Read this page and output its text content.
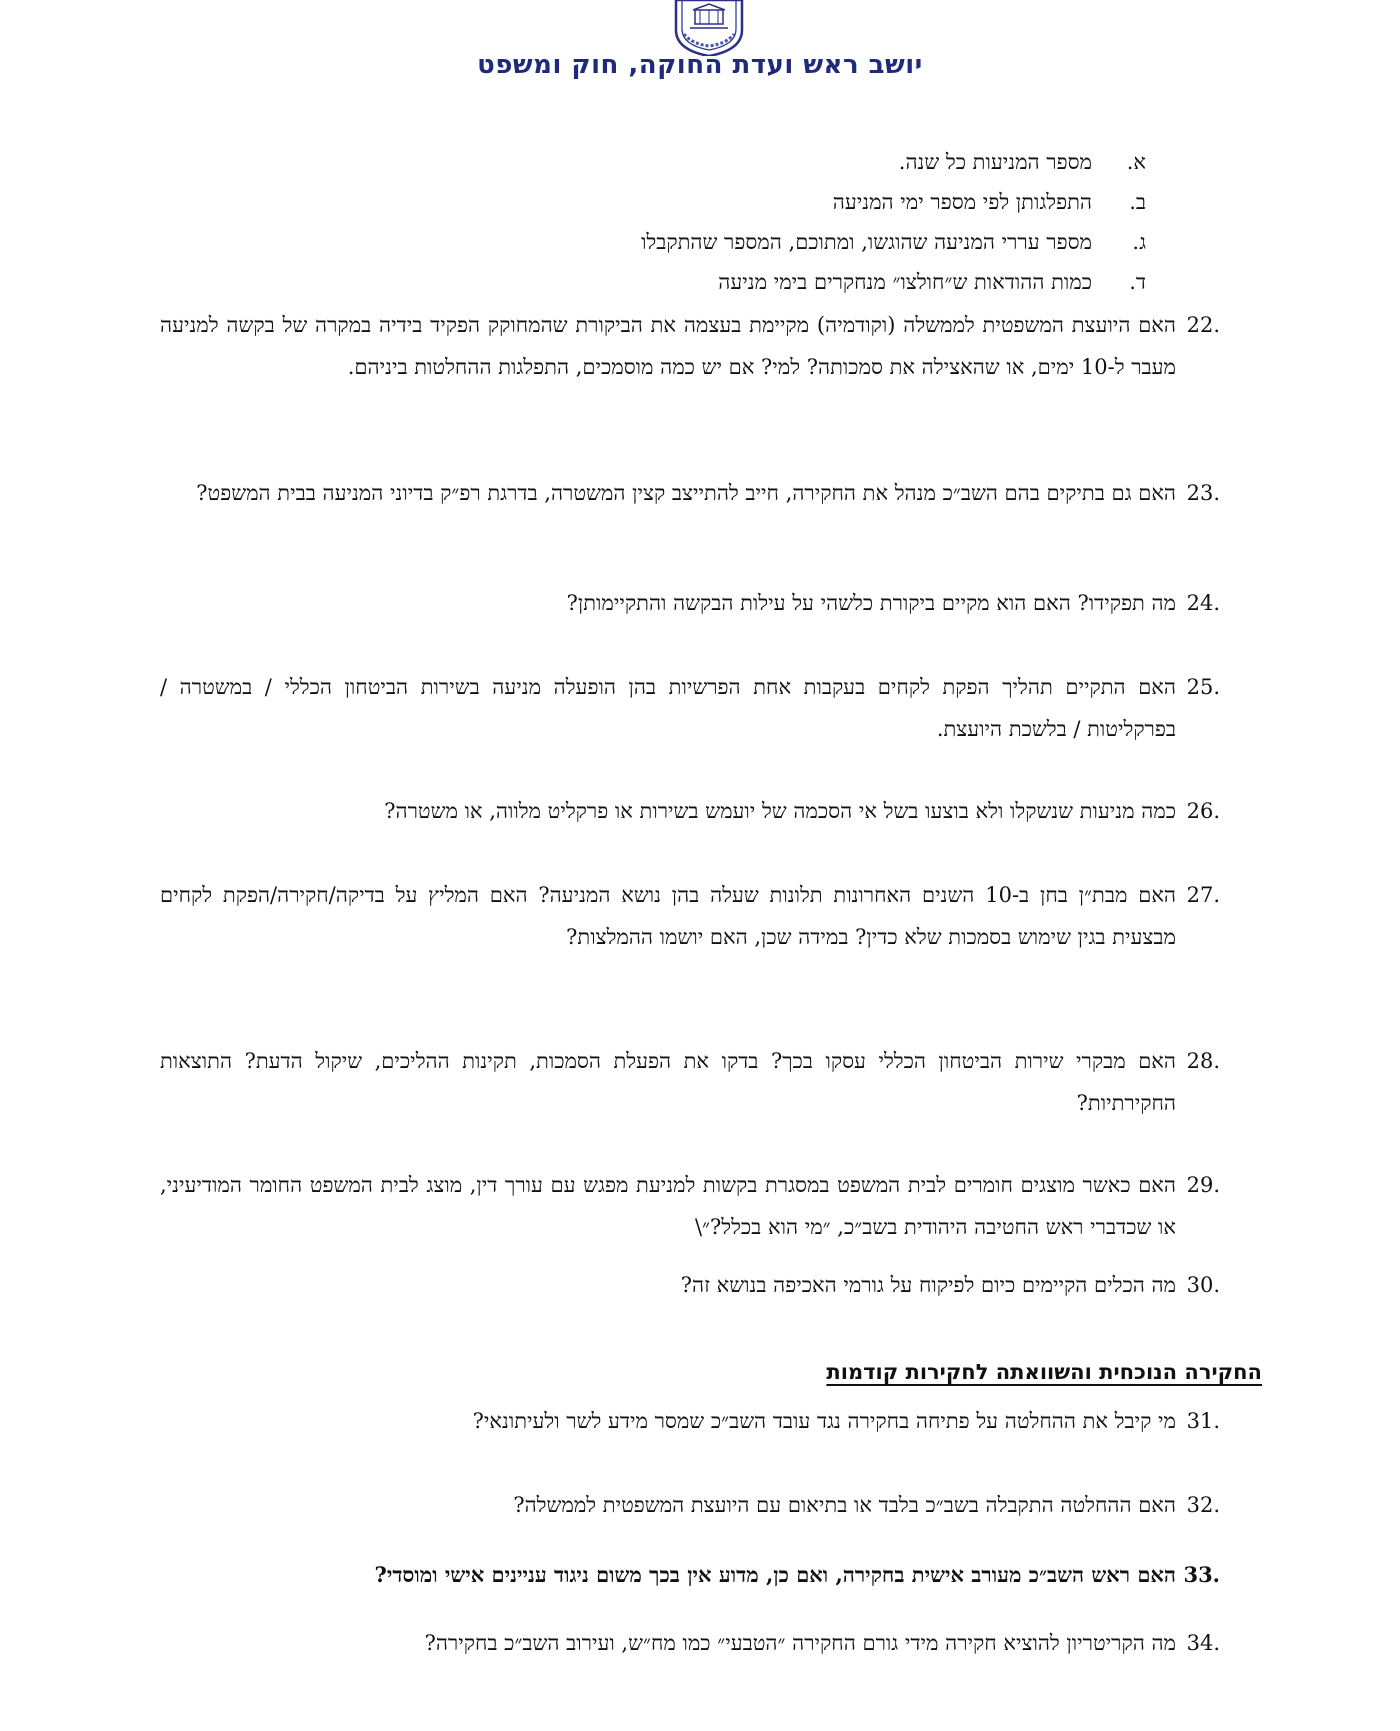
יושב ראש ועדת החוקה, חוק ומשפט
א.
מספר המניעות כל שנה.
ב.
התפלגותן לפי מספר ימי המניעה
ג.
מספר עררי המניעה שהוגשו, ומתוכם, המספר שהתקבלו
ד.
כמות ההודאות ש״חולצו״ מנחקרים בימי מניעה
22.
האם היועצת המשפטית לממשלה (וקודמיה) מקיימת בעצמה את הביקורת שהמחוקק הפקיד בידיה במקרה של בקשה למניעה מעבר ל-10 ימים, או שהאצילה את סמכותה? למי? אם יש כמה מוסמכים, התפלגות ההחלטות ביניהם.
23.
האם גם בתיקים בהם השב״כ מנהל את החקירה, חייב להתייצב קצין המשטרה, בדרגת רפ״ק בדיוני המניעה בבית המשפט?
24.
מה תפקידו? האם הוא מקיים ביקורת כלשהי על עילות הבקשה והתקיימותן?
25.
האם התקיים תהליך הפקת לקחים בעקבות אחת הפרשיות בהן הופעלה מניעה בשירות הביטחון הכללי / במשטרה / בפרקליטות / בלשכת היועצת.
26.
כמה מניעות שנשקלו ולא בוצעו בשל אי הסכמה של יועמש בשירות או פרקליט מלווה, או משטרה?
27.
האם מבת״ן בחן ב-10 השנים האחרונות תלונות שעלה בהן נושא המניעה? האם המליץ על בדיקה/חקירה/הפקת לקחים מבצעית בגין שימוש בסמכות שלא כדין? במידה שכן, האם יושמו ההמלצות?
28.
האם מבקרי שירות הביטחון הכללי עסקו בכך? בדקו את הפעלת הסמכות, תקינות ההליכים, שיקול הדעת? התוצאות החקירתיות?
29.
האם כאשר מוצגים חומרים לבית המשפט במסגרת בקשות למניעת מפגש עם עורך דין, מוצג לבית המשפט החומר המודיעיני, או שכדברי ראש החטיבה היהודית בשב״כ, ״מי הוא בכלל?״\
30.
מה הכלים הקיימים כיום לפיקוח על גורמי האכיפה בנושא זה?
החקירה הנוכחית והשוואתה לחקירות קודמות
31.
מי קיבל את ההחלטה על פתיחה בחקירה נגד עובד השב״כ שמסר מידע לשר ולעיתונאי?
32.
האם ההחלטה התקבלה בשב״כ בלבד או בתיאום עם היועצת המשפטית לממשלה?
33.
האם ראש השב״כ מעורב אישית בחקירה, ואם כן, מדוע אין בכך משום ניגוד עניינים אישי ומוסדי?
34.
מה הקריטריון להוציא חקירה מידי גורם החקירה ״הטבעי״ כמו מח״ש, ועירוב השב״כ בחקירה?
